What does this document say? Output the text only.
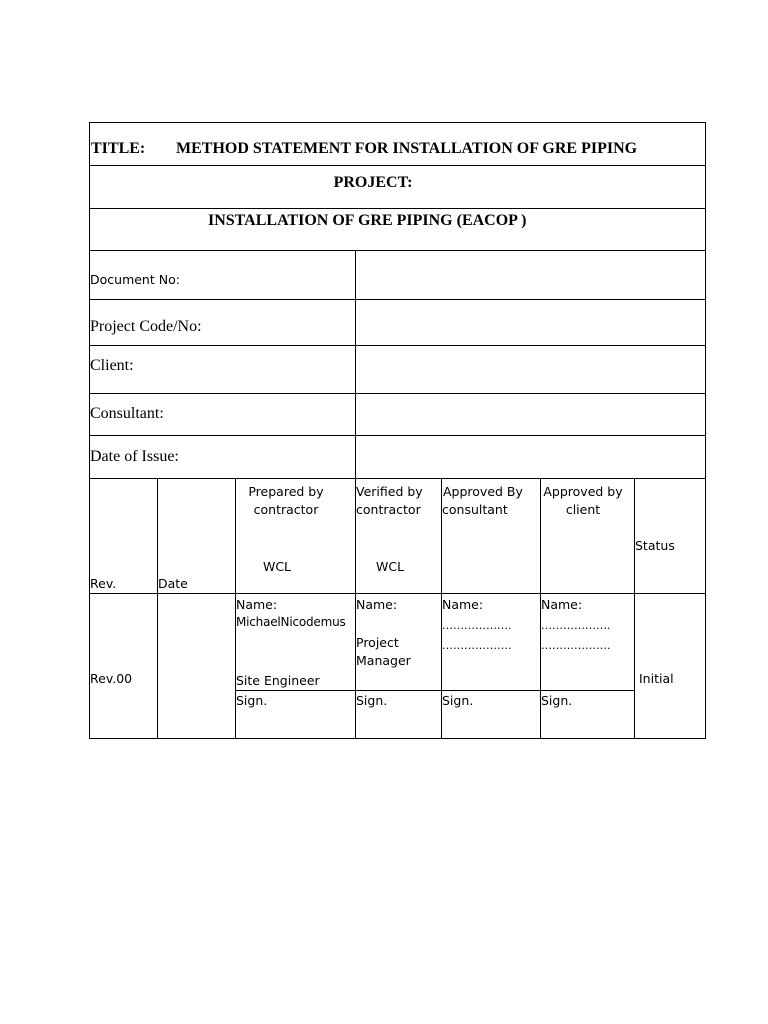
TITLE: METHOD STATEMENT FOR INSTALLATION OF GRE PIPING
PROJECT:
INSTALLATION OF GRE PIPING (EACOP )
Document No:
Project Code/No:
Client:
Consultant:
Date of Issue:
Rev.	Date
Prepared by
contractor
WCL
Verified by
contractor
WCL
Approved By
consultant
Approved by
client
Status
Rev.00
Name:
MichaelNicodemus
Site Engineer
Sign.
Name:
Project
Manager
Sign.
Name:
……………….
……………….
Sign.
Name:
……………….
……………….
Sign.
Initial
